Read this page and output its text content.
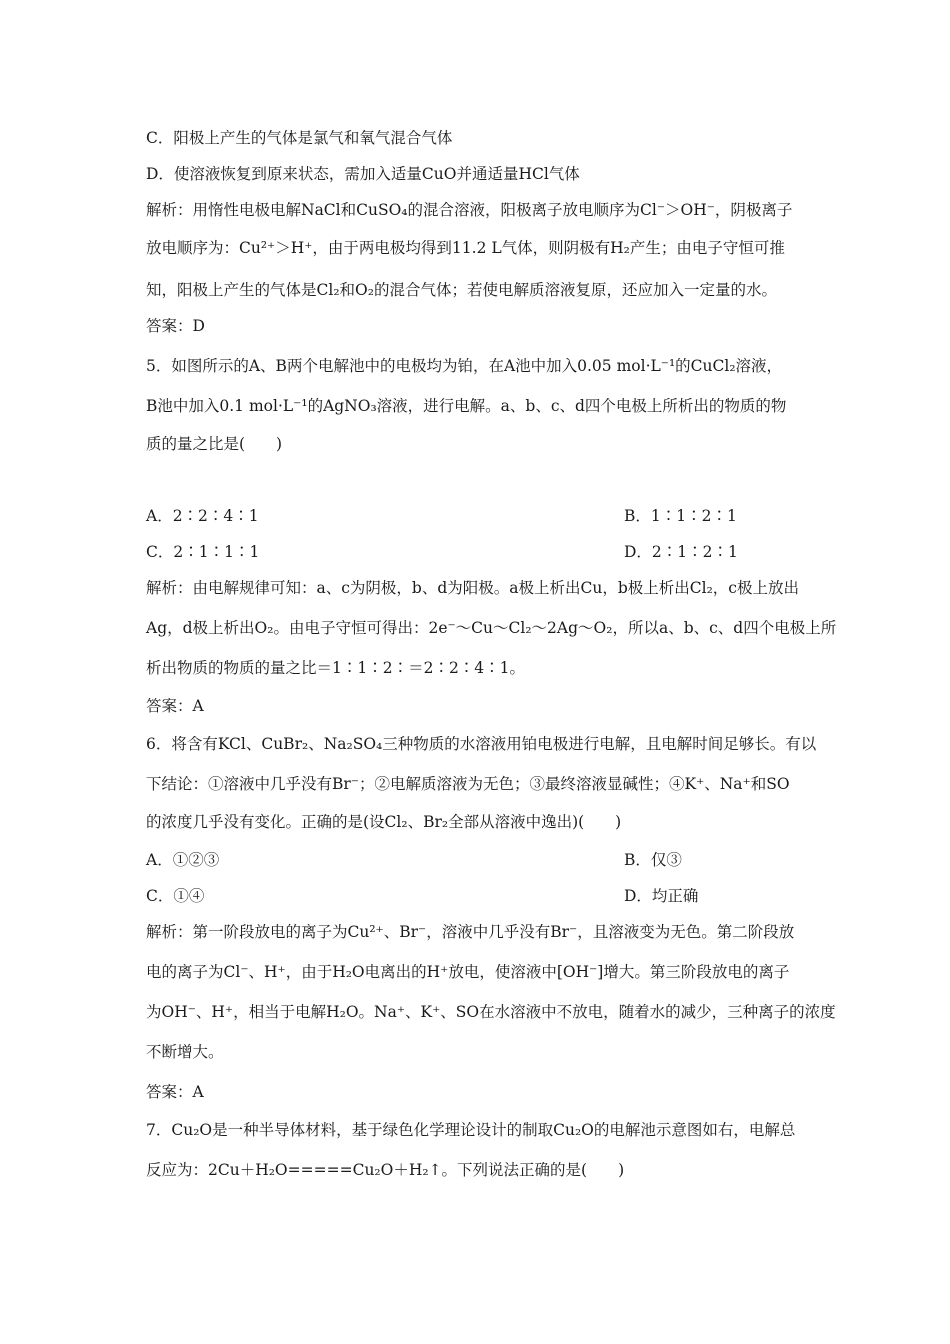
C．阳极上产生的气体是氯气和氧气混合气体
D．使溶液恢复到原来状态，需加入适量CuO并通适量HCl气体
解析：用惰性电极电解NaCl和CuSO₄的混合溶液，阳极离子放电顺序为Cl⁻＞OH⁻，阴极离子
放电顺序为：Cu²⁺＞H⁺，由于两电极均得到11.2 L气体，则阴极有H₂产生；由电子守恒可推
知，阳极上产生的气体是Cl₂和O₂的混合气体；若使电解质溶液复原，还应加入一定量的水。
答案：D
5．如图所示的A、B两个电解池中的电极均为铂，在A池中加入0.05 mol·L⁻¹的CuCl₂溶液，
B池中加入0.1 mol·L⁻¹的AgNO₃溶液，进行电解。a、b、c、d四个电极上所析出的物质的物
质的量之比是(　　)
A．2∶2∶4∶1	B．1∶1∶2∶1
C．2∶1∶1∶1	D．2∶1∶2∶1
解析：由电解规律可知：a、c为阴极，b、d为阳极。a极上析出Cu，b极上析出Cl₂，c极上放出
Ag，d极上析出O₂。由电子守恒可得出：2e⁻～Cu～Cl₂～2Ag～O₂，所以a、b、c、d四个电极上所
析出物质的物质的量之比＝1∶1∶2∶＝2∶2∶4∶1。
答案：A
6．将含有KCl、CuBr₂、Na₂SO₄三种物质的水溶液用铂电极进行电解，且电解时间足够长。有以
下结论：①溶液中几乎没有Br⁻；②电解质溶液为无色；③最终溶液显碱性；④K⁺、Na⁺和SO
的浓度几乎没有变化。正确的是(设Cl₂、Br₂全部从溶液中逸出)(　　)
A．①②③	B．仅③
C．①④	D．均正确
解析：第一阶段放电的离子为Cu²⁺、Br⁻，溶液中几乎没有Br⁻，且溶液变为无色。第二阶段放
电的离子为Cl⁻、H⁺，由于H₂O电离出的H⁺放电，使溶液中[OH⁻]增大。第三阶段放电的离子
为OH⁻、H⁺，相当于电解H₂O。Na⁺、K⁺、SO在水溶液中不放电，随着水的减少，三种离子的浓度
不断增大。
答案：A
7．Cu₂O是一种半导体材料，基于绿色化学理论设计的制取Cu₂O的电解池示意图如右，电解总
反应为：2Cu＋H₂O=====Cu₂O＋H₂↑。下列说法正确的是(　　)
